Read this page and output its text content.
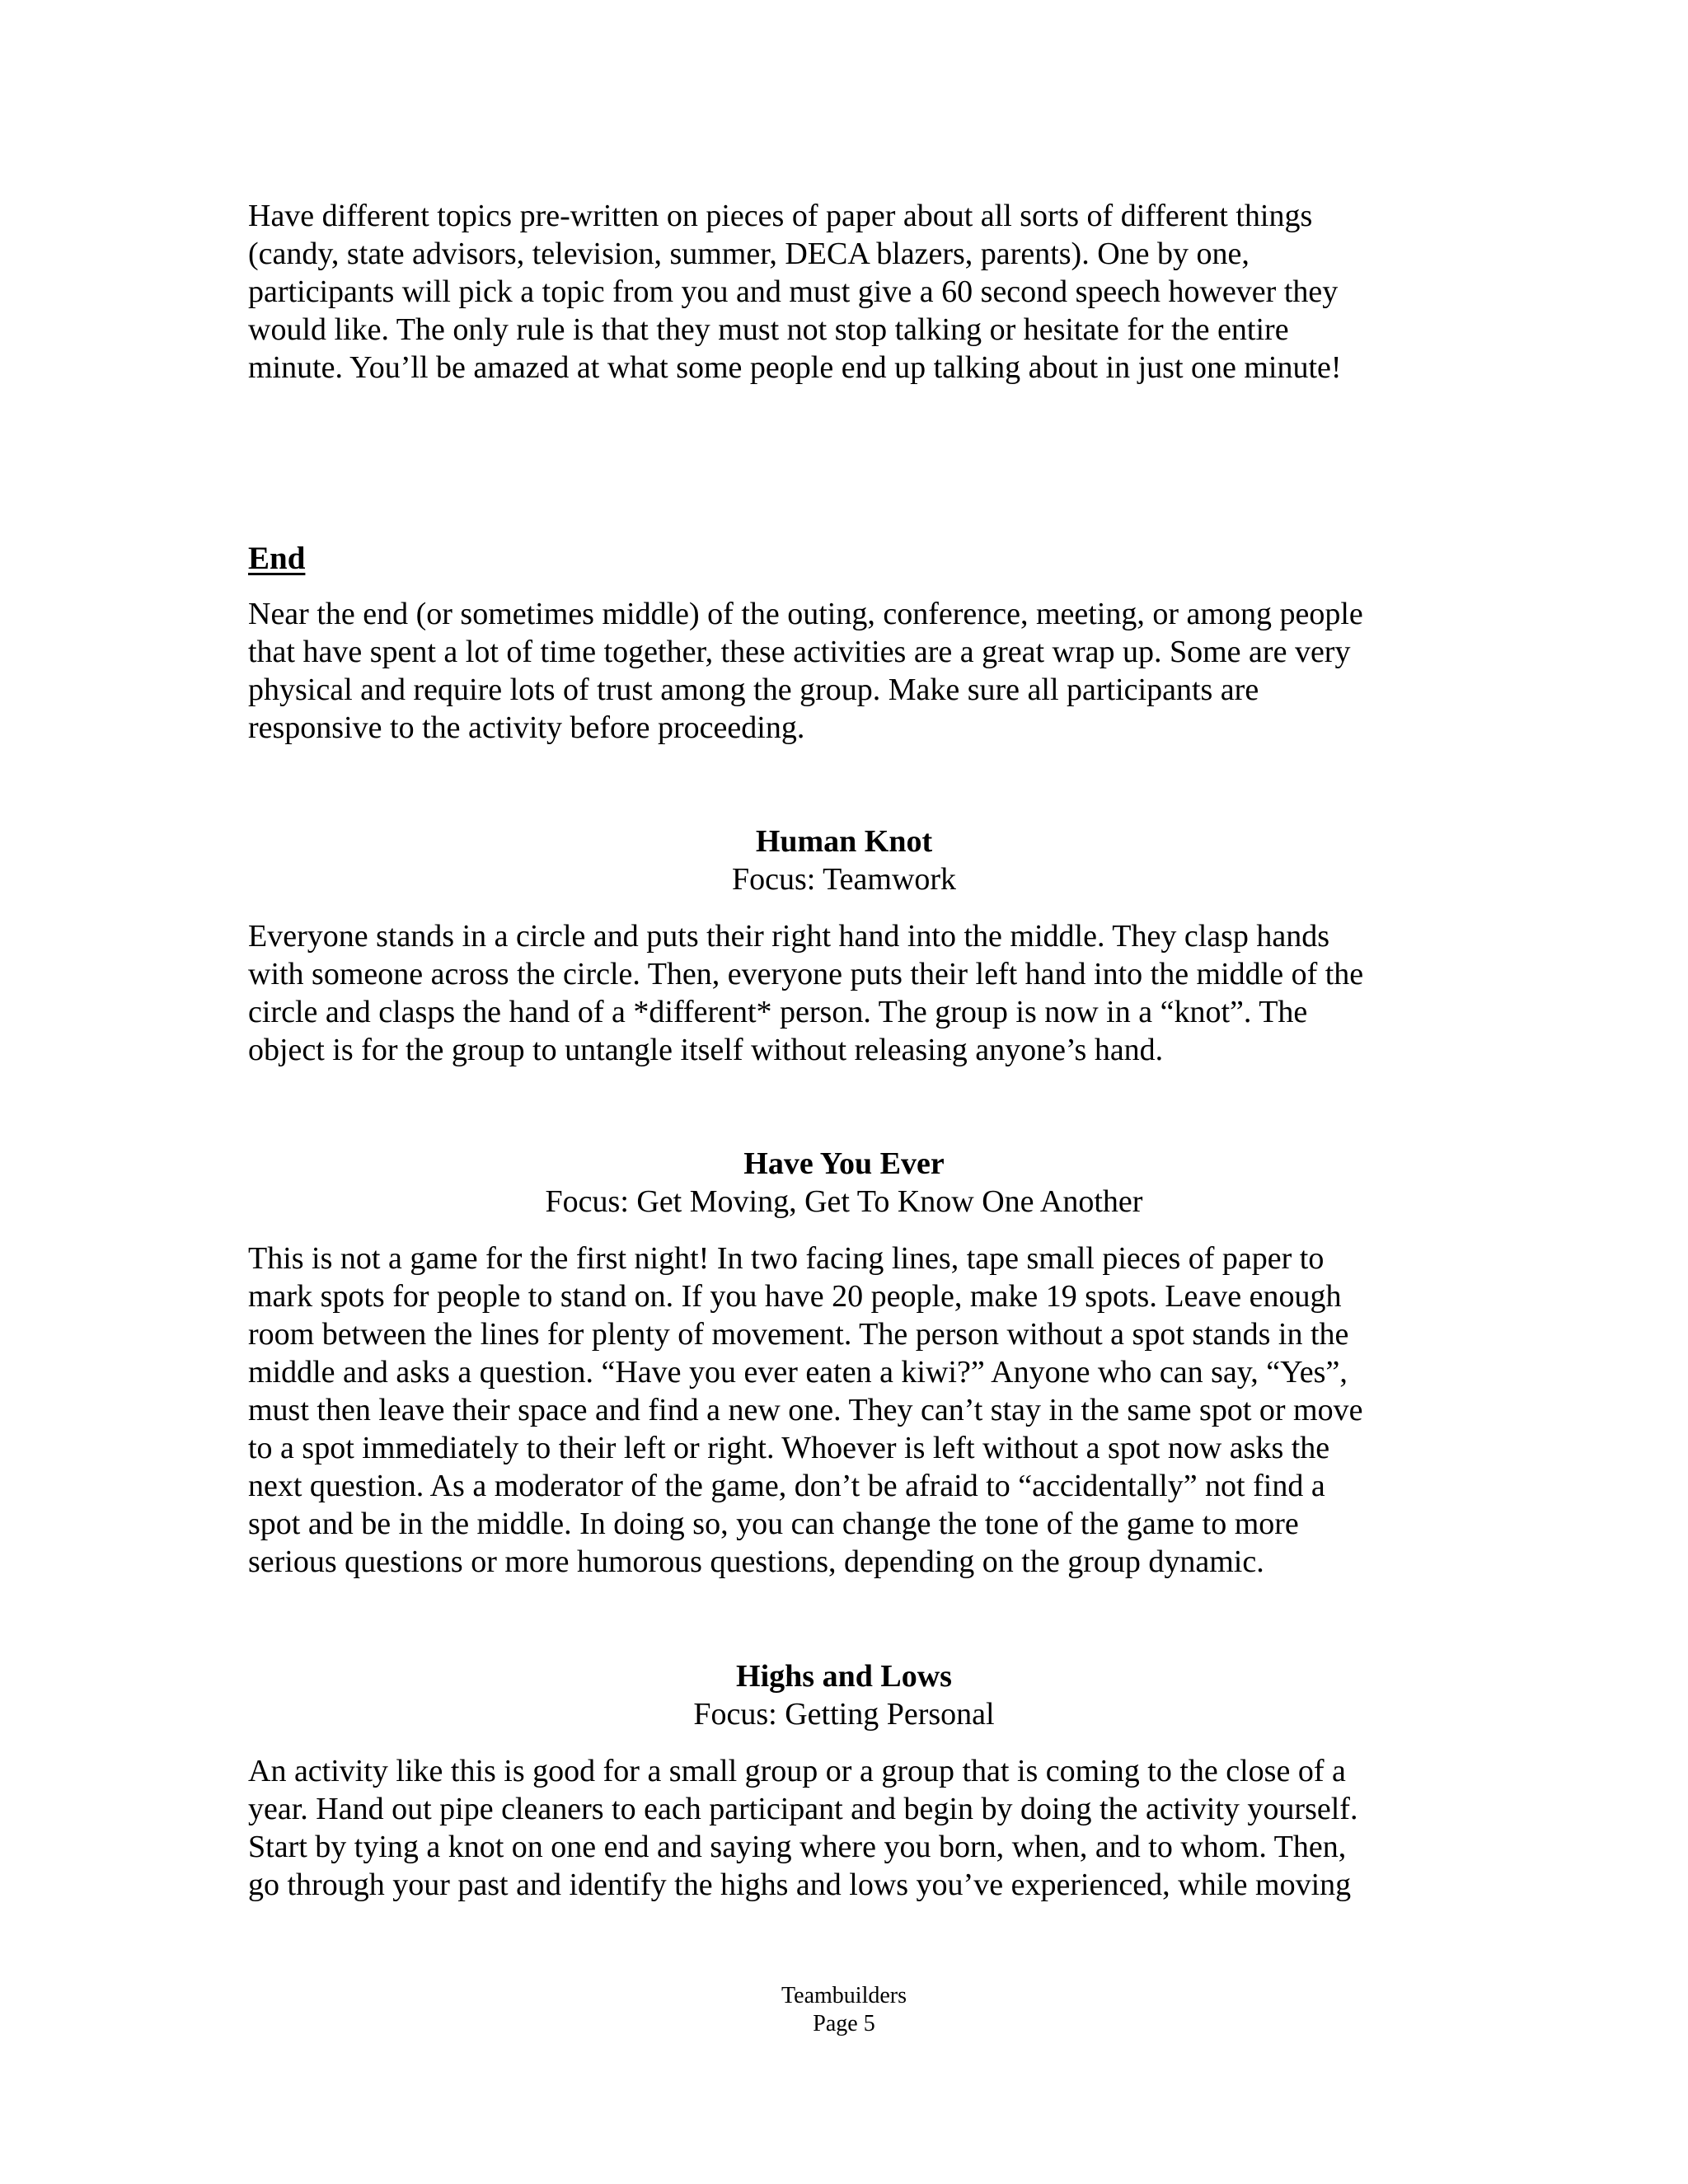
Have different topics pre-written on pieces of paper about all sorts of different things
(candy, state advisors, television, summer, DECA blazers, parents). One by one,
participants will pick a topic from you and must give a 60 second speech however they
would like. The only rule is that they must not stop talking or hesitate for the entire
minute. You’ll be amazed at what some people end up talking about in just one minute!
End
Near the end (or sometimes middle) of the outing, conference, meeting, or among people
that have spent a lot of time together, these activities are a great wrap up. Some are very
physical and require lots of trust among the group. Make sure all participants are
responsive to the activity before proceeding.
Human Knot
Focus: Teamwork
Everyone stands in a circle and puts their right hand into the middle. They clasp hands
with someone across the circle. Then, everyone puts their left hand into the middle of the
circle and clasps the hand of a *different* person. The group is now in a “knot”. The
object is for the group to untangle itself without releasing anyone’s hand.
Have You Ever
Focus: Get Moving, Get To Know One Another
This is not a game for the first night! In two facing lines, tape small pieces of paper to
mark spots for people to stand on. If you have 20 people, make 19 spots. Leave enough
room between the lines for plenty of movement. The person without a spot stands in the
middle and asks a question. “Have you ever eaten a kiwi?” Anyone who can say, “Yes”,
must then leave their space and find a new one. They can’t stay in the same spot or move
to a spot immediately to their left or right. Whoever is left without a spot now asks the
next question. As a moderator of the game, don’t be afraid to “accidentally” not find a
spot and be in the middle. In doing so, you can change the tone of the game to more
serious questions or more humorous questions, depending on the group dynamic.
Highs and Lows
Focus: Getting Personal
An activity like this is good for a small group or a group that is coming to the close of a
year. Hand out pipe cleaners to each participant and begin by doing the activity yourself.
Start by tying a knot on one end and saying where you born, when, and to whom. Then,
go through your past and identify the highs and lows you’ve experienced, while moving
Teambuilders
Page 5
